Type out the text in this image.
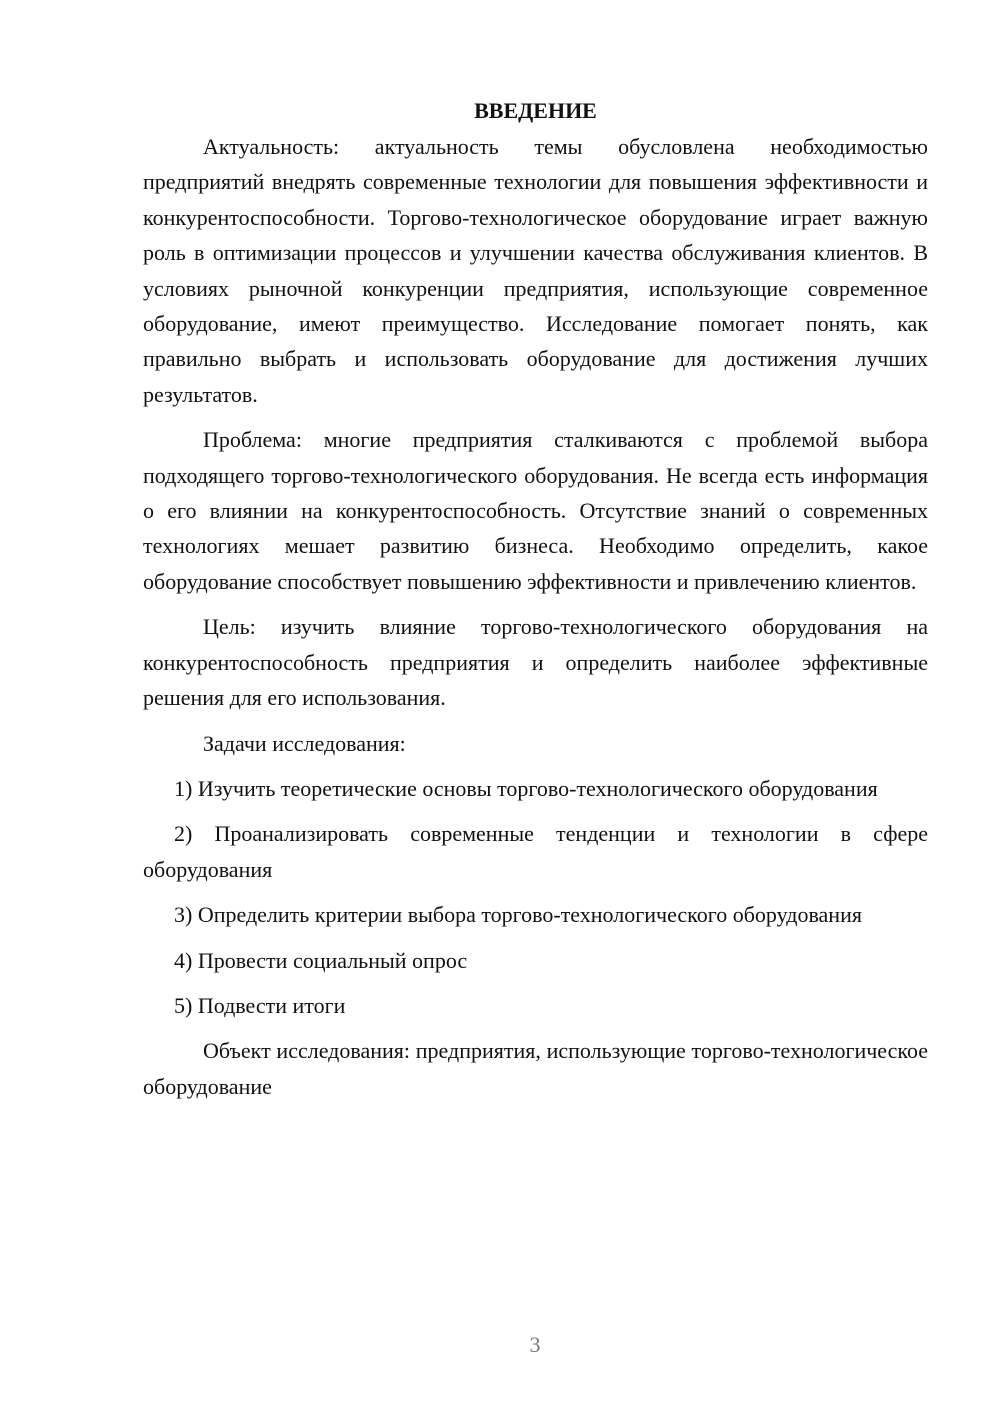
ВВЕДЕНИЕ

Актуальность: актуальность темы обусловлена необходимостью предприятий внедрять современные технологии для повышения эффективности и конкурентоспособности. Торгово-технологическое оборудование играет важную роль в оптимизации процессов и улучшении качества обслуживания клиентов. В условиях рыночной конкуренции предприятия, использующие современное оборудование, имеют преимущество. Исследование помогает понять, как правильно выбрать и использовать оборудование для достижения лучших результатов.

Проблема: многие предприятия сталкиваются с проблемой выбора подходящего торгово-технологического оборудования. Не всегда есть информация о его влиянии на конкурентоспособность. Отсутствие знаний о современных технологиях мешает развитию бизнеса. Необходимо определить, какое оборудование способствует повышению эффективности и привлечению клиентов.

Цель: изучить влияние торгово-технологического оборудования на конкурентоспособность предприятия и определить наиболее эффективные решения для его использования.

Задачи исследования:

1) Изучить теоретические основы торгово-технологического оборудования

2) Проанализировать современные тенденции и технологии в сфере оборудования

3) Определить критерии выбора торгово-технологического оборудования

4) Провести социальный опрос

5) Подвести итоги

Объект исследования: предприятия, использующие торгово-технологическое оборудование

3
